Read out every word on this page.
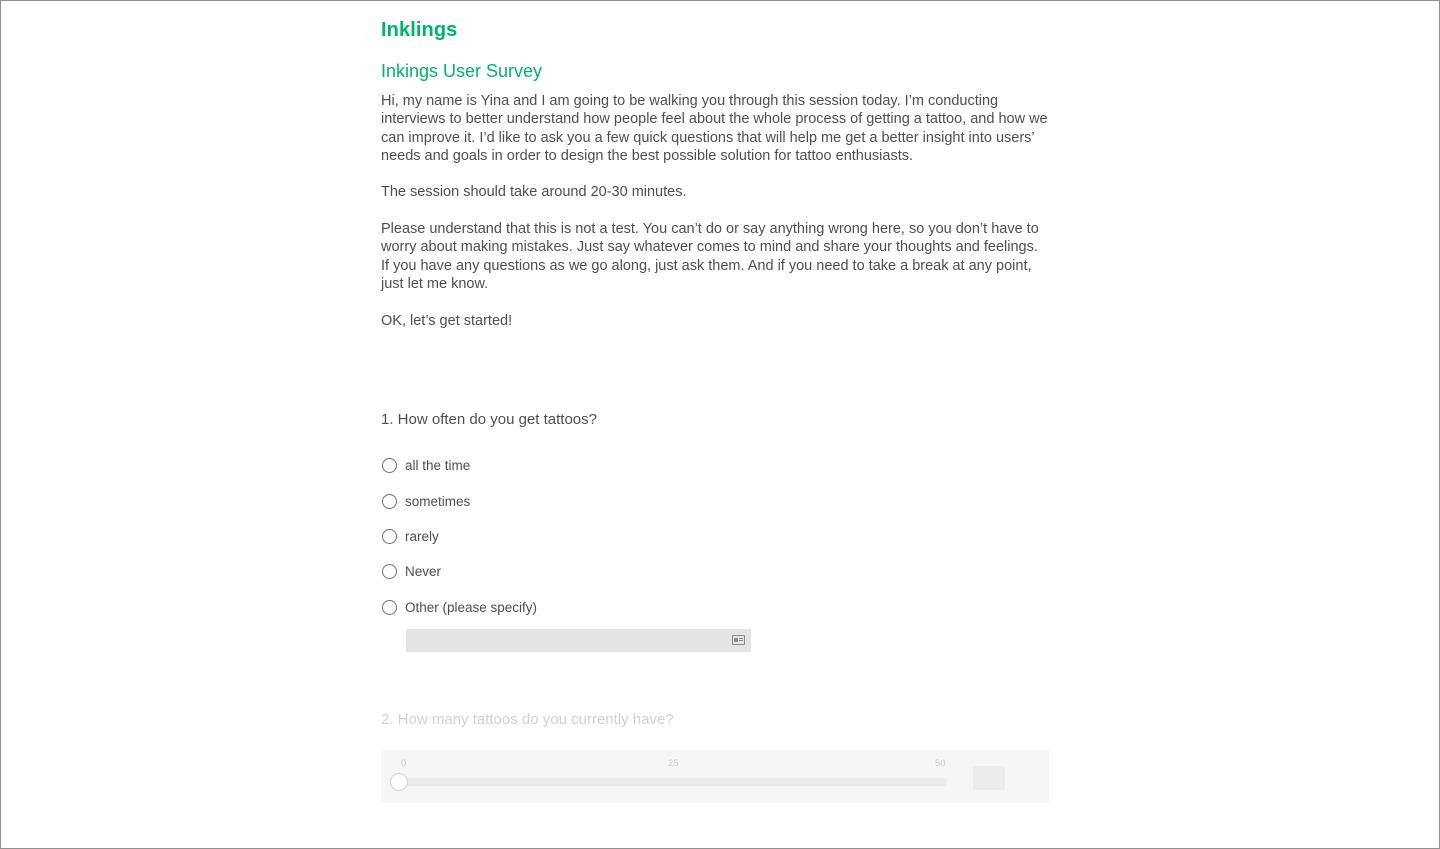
Inklings
Inkings User Survey

Hi, my name is Yina and I am going to be walking you through this session today. I’m conducting interviews to better understand how people feel about the whole process of getting a tattoo, and how we can improve it. I’d like to ask you a few quick questions that will help me get a better insight into users’ needs and goals in order to design the best possible solution for tattoo enthusiasts.

The session should take around 20-30 minutes.

Please understand that this is not a test. You can’t do or say anything wrong here, so you don’t have to worry about making mistakes. Just say whatever comes to mind and share your thoughts and feelings. If you have any questions as we go along, just ask them. And if you need to take a break at any point, just let me know.

OK, let’s get started!

1. How often do you get tattoos?
all the time
sometimes
rarely
Never
Other (please specify)
2. How many tattoos do you currently have?
0	25	50
